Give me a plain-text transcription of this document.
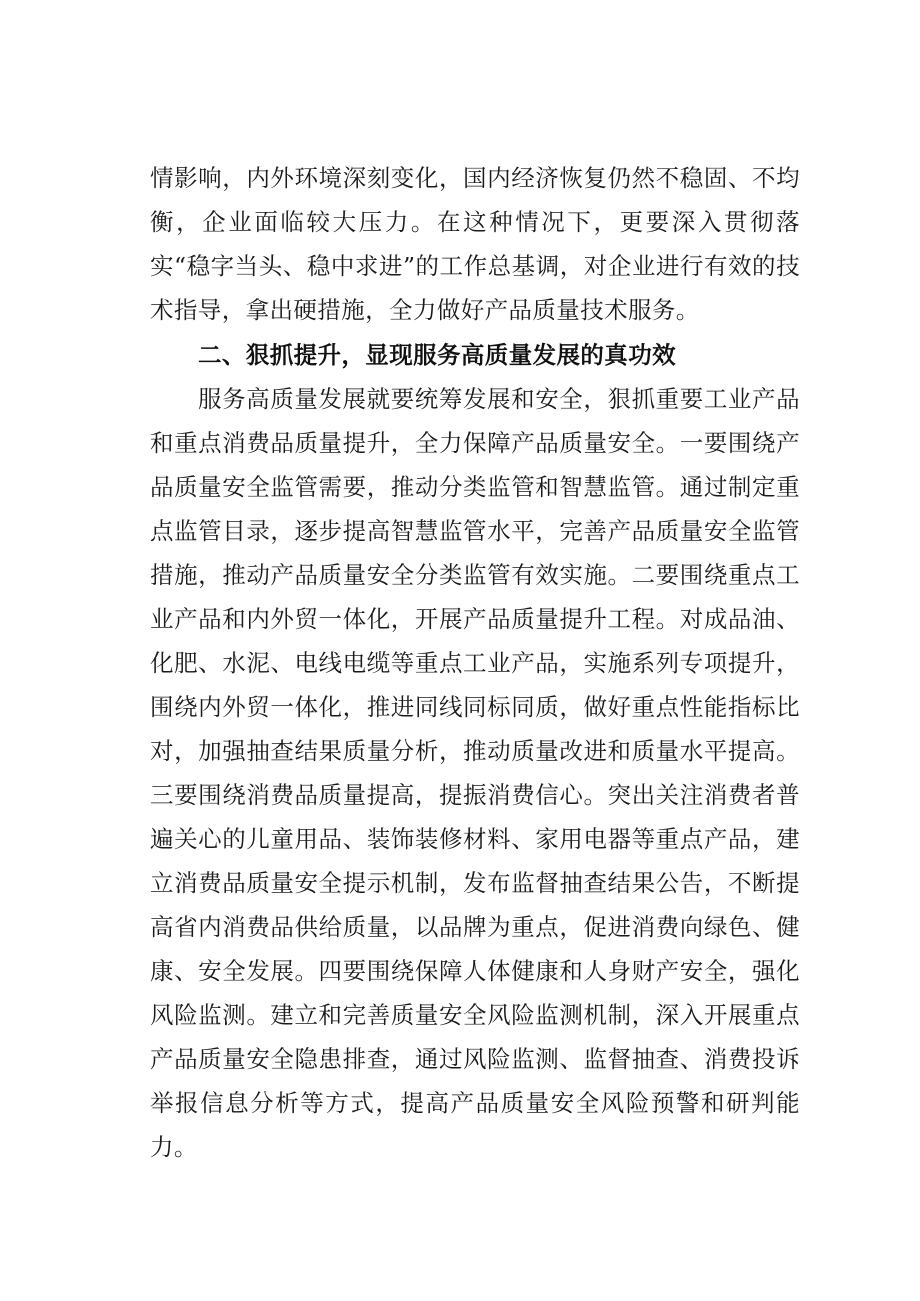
情影响，内外环境深刻变化，国内经济恢复仍然不稳固、不均衡，企业面临较大压力。在这种情况下，更要深入贯彻落实“稳字当头、稳中求进”的工作总基调，对企业进行有效的技术指导，拿出硬措施，全力做好产品质量技术服务。

二、狠抓提升，显现服务高质量发展的真功效

服务高质量发展就要统筹发展和安全，狠抓重要工业产品和重点消费品质量提升，全力保障产品质量安全。一要围绕产品质量安全监管需要，推动分类监管和智慧监管。通过制定重点监管目录，逐步提高智慧监管水平，完善产品质量安全监管措施，推动产品质量安全分类监管有效实施。二要围绕重点工业产品和内外贸一体化，开展产品质量提升工程。对成品油、化肥、水泥、电线电缆等重点工业产品，实施系列专项提升，围绕内外贸一体化，推进同线同标同质，做好重点性能指标比对，加强抽查结果质量分析，推动质量改进和质量水平提高。三要围绕消费品质量提高，提振消费信心。突出关注消费者普遍关心的儿童用品、装饰装修材料、家用电器等重点产品，建立消费品质量安全提示机制，发布监督抽查结果公告，不断提高省内消费品供给质量，以品牌为重点，促进消费向绿色、健康、安全发展。四要围绕保障人体健康和人身财产安全，强化风险监测。建立和完善质量安全风险监测机制，深入开展重点产品质量安全隐患排查，通过风险监测、监督抽查、消费投诉举报信息分析等方式，提高产品质量安全风险预警和研判能力。
